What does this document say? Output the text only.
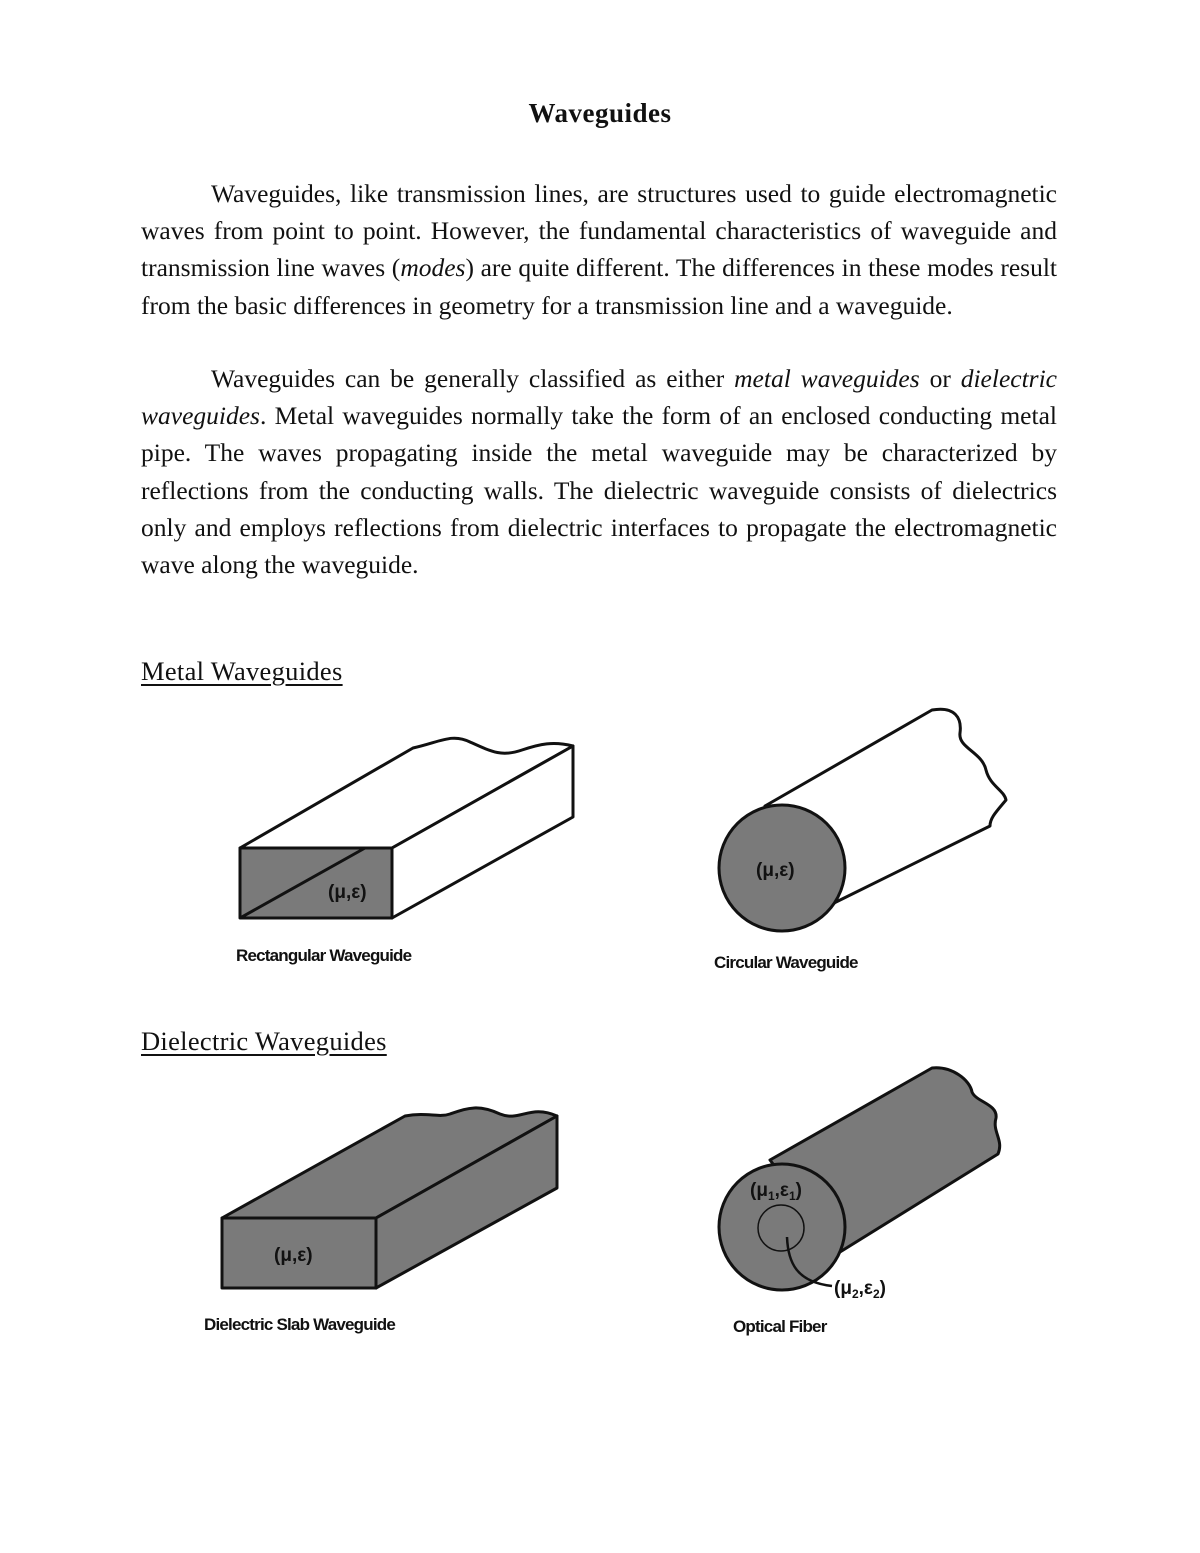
Waveguides

Waveguides, like transmission lines, are structures used to guide electromagnetic waves from point to point. However, the fundamental characteristics of waveguide and transmission line waves (modes) are quite different. The differences in these modes result from the basic differences in geometry for a transmission line and a waveguide.

Waveguides can be generally classified as either metal waveguides or dielectric waveguides. Metal waveguides normally take the form of an enclosed conducting metal pipe. The waves propagating inside the metal waveguide may be characterized by reflections from the conducting walls. The dielectric waveguide consists of dielectrics only and employs reflections from dielectric interfaces to propagate the electromagnetic wave along the waveguide.

Metal Waveguides
Dielectric Waveguides
(μ,ε)
Rectangular Waveguide
(μ,ε)
Circular Waveguide
(μ,ε)
Dielectric Slab Waveguide
$(\mu_1,\varepsilon_1)$
$(\mu_2,\varepsilon_2)$
Optical Fiber
